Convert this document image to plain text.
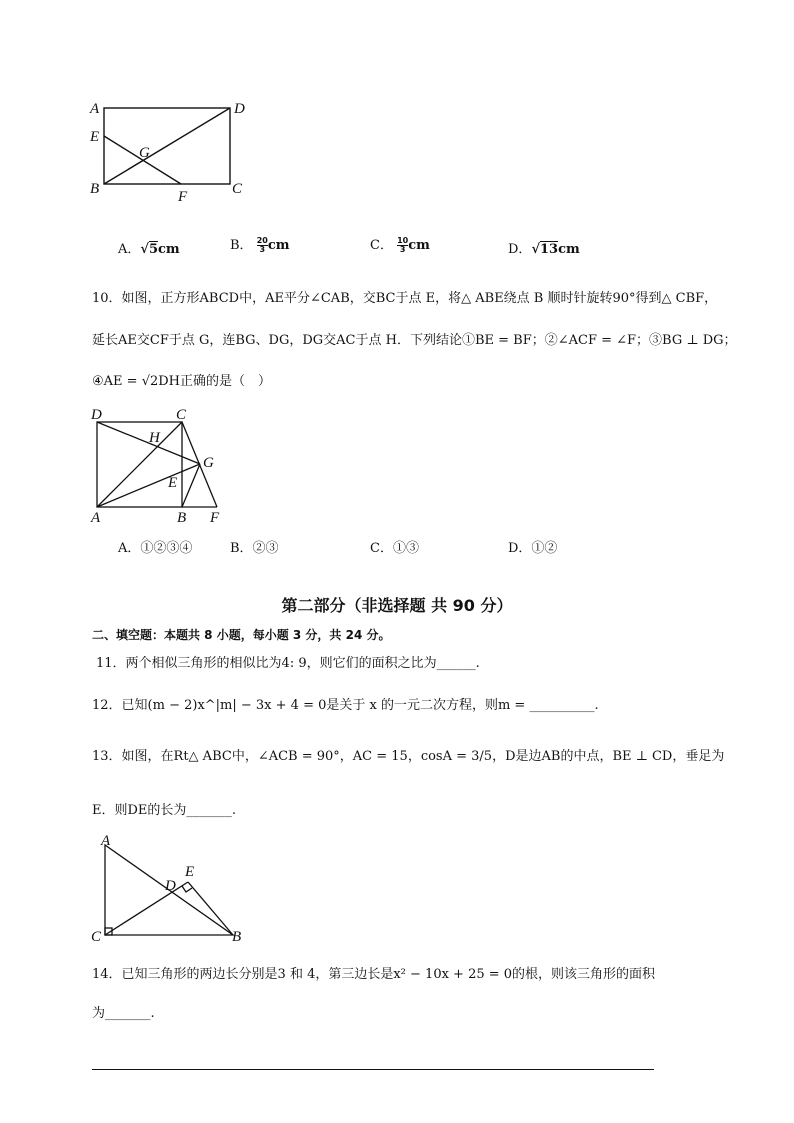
A	D
E
G
B	F	C
A．√5cm	B． $\frac{20}{3}$ cm	C． $\frac{10}{3}$ cm	D．√13cm
10．如图，正方形ABCD中，AE平分∠CAB，交BC于点 E，将△ ABE绕点 B 顺时针旋转90°得到△ CBF，
延长AE交CF于点 G，连BG、DG，DG交AC于点 H．下列结论①BE = BF；②∠ACF = ∠F；③BG ⊥ DG；
④AE = √2DH正确的是（　）
D	C
H
G
E
A	B F
A．①②③④	B．②③	C．①③	D．①②
第二部分（非选择题 共 90 分）
二、填空题：本题共 8 小题，每小题 3 分，共 24 分。
11．两个相似三角形的相似比为4: 9，则它们的面积之比为______.
12．已知(m − 2)x^|m| − 3x + 4 = 0是关于 x 的一元二次方程，则m = __________.
13．如图，在Rt△ ABC中，∠ACB = 90°，AC = 15，cosA = 3/5，D是边AB的中点，BE ⊥ CD，垂足为
E．则DE的长为_______.
A
E
D
C	B
14．已知三角形的两边长分别是3 和 4，第三边长是x² − 10x + 25 = 0的根，则该三角形的面积
为_______.
